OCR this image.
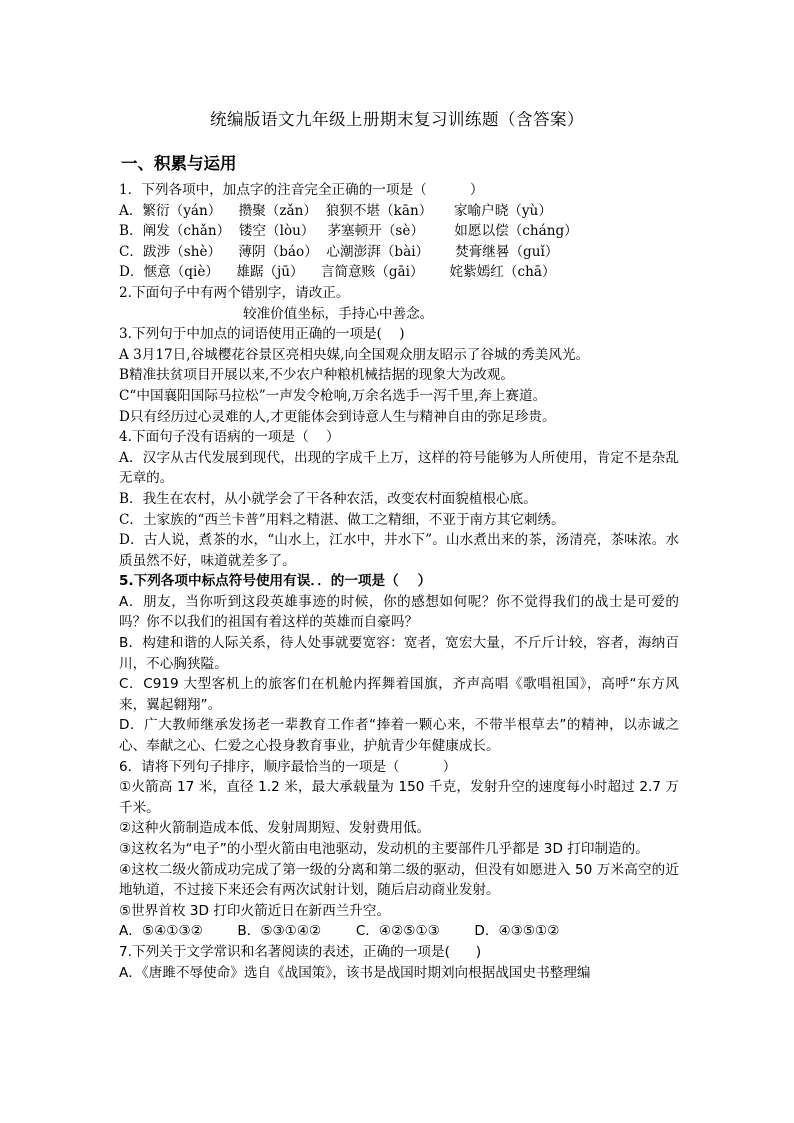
统编版语文九年级上册期末复习训练题（含答案）
一、积累与运用
1．下列各项中，加点字的注音完全正确的一项是（          ）
A．繁衍（yán）    攒聚（zǎn）  狼狈不堪（kān）     家喻户晓（yù）
B．阐发（chǎn）  镂空（lòu）   茅塞顿开（sè）       如愿以偿（cháng）
C．跋涉（shè）    薄阴（báo）  心潮澎湃（bài）      焚膏继晷（guǐ）
D．惬意（qiè）    雄踞（jū）    言简意赅（gāi）      姹紫嫣红（chā）
2.下面句子中有两个错别字，请改正。
较准价值坐标，手持心中善念。
3.下列句于中加点的词语使用正确的一项是(    )
A 3月17日,谷城樱花谷景区亮相央媒,向全国观众朋友昭示了谷城的秀美风光。
B精准扶贫项目开展以来,不少农户种粮机械拮据的现象大为改观。
C“中国襄阳国际马拉松”一声发令枪响,万余名选手一泻千里,奔上赛道。
D只有经历过心灵难的人,才更能体会到诗意人生与精神自由的弥足珍贵。
4.下面句子没有语病的一项是（    ）
A．汉字从古代发展到现代，出现的字成千上万，这样的符号能够为人所使用，肯定不是杂乱无章的。
B．我生在农村，从小就学会了干各种农活，改变农村面貌植根心底。
C．土家族的“西兰卡普”用料之精湛、做工之精细，不亚于南方其它刺绣。
D．古人说，煮茶的水，“山水上，江水中，井水下”。山水煮出来的茶，汤清亮，茶味浓。水质虽然不好，味道就差多了。
5.下列各项中标点符号使用有误．．的一项是（    ）
A．朋友，当你听到这段英雄事迹的时候，你的感想如何呢？你不觉得我们的战士是可爱的吗？你不以我们的祖国有着这样的英雄而自豪吗？
B．构建和谐的人际关系，待人处事就要宽容：宽者，宽宏大量，不斤斤计较，容者，海纳百川，不心胸狭隘。
C．C919 大型客机上的旅客们在机舱内挥舞着国旗，齐声高唱《歌唱祖国》，高呼“东方风来，翼起翱翔”。
D．广大教师继承发扬老一辈教育工作者“捧着一颗心来，不带半根草去”的精神，以赤诚之心、奉献之心、仁爱之心投身教育事业，护航青少年健康成长。
6．请将下列句子排序，顺序最恰当的一项是（          ）
①火箭高 17 米，直径 1.2 米，最大承载量为 150 千克，发射升空的速度每小时超过 2.7 万千米。
②这种火箭制造成本低、发射周期短、发射费用低。
③这枚名为“电子”的小型火箭由电池驱动，发动机的主要部件几乎都是 3D 打印制造的。
④这枚二级火箭成功完成了第一级的分离和第二级的驱动，但没有如愿进入 50 万米高空的近地轨道，不过接下来还会有两次试射计划，随后启动商业发射。
⑤世界首枚 3D 打印火箭近日在新西兰升空。
A．⑤④①③②        B．⑤③①④②        C．④②⑤①③        D．④③⑤①②
7.下列关于文学常识和名著阅读的表述，正确的一项是(      )
A．《唐雎不辱使命》选自《战国策》，该书是战国时期刘向根据战国史书整理编
